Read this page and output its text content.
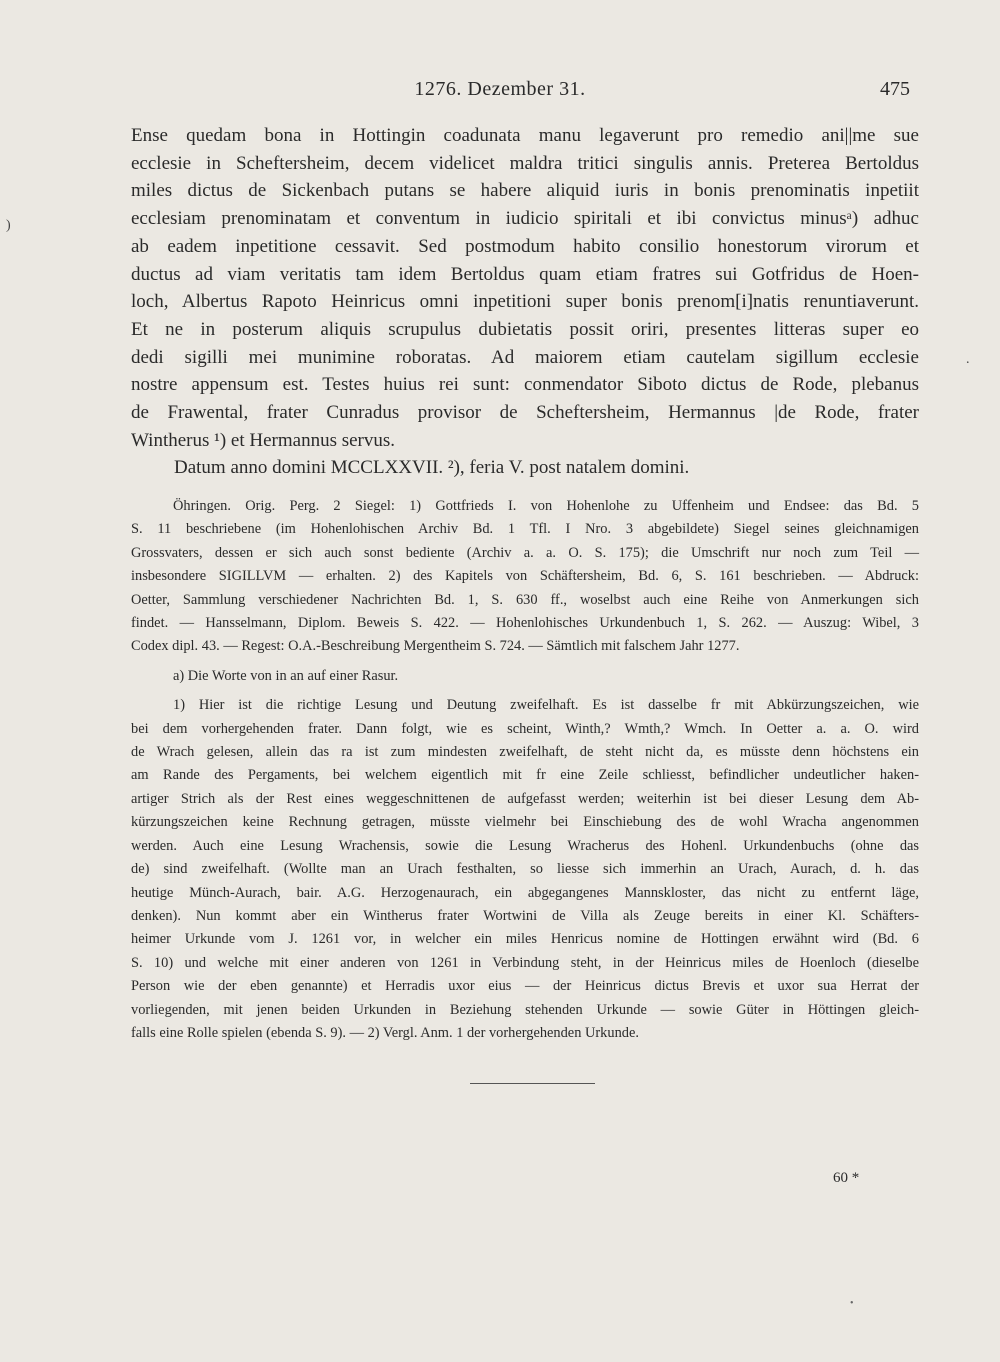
1276. Dezember 31.	475
)
.
Ense quedam bona in Hottingin coadunata manu legaverunt pro remedio ani||me sue
ecclesie in Scheftersheim, decem videlicet maldra tritici singulis annis. Preterea Bertoldus
miles dictus de Sickenbach putans se habere aliquid iuris in bonis prenominatis inpetiit
ecclesiam prenominatam et conventum in iudicio spiritali et ibi convictus minusᵃ) adhuc
ab eadem inpetitione cessavit. Sed postmodum habito consilio honestorum virorum et
ductus ad viam veritatis tam idem Bertoldus quam etiam fratres sui Gotfridus de Hoen-
loch, Albertus Rapoto Heinricus omni inpetitioni super bonis prenom[i]natis renuntiaverunt.
Et ne in posterum aliquis scrupulus dubietatis possit oriri, presentes litteras super eo
dedi sigilli mei munimine roboratas. Ad maiorem etiam cautelam sigillum ecclesie
nostre appensum est. Testes huius rei sunt: conmendator Siboto dictus de Rode, plebanus
de Frawental, frater Cunradus provisor de Scheftersheim, Hermannus |de Rode, frater
Wintherus ¹) et Hermannus servus.
Datum anno domini MCCLXXVII. ²), feria V. post natalem domini.
Öhringen. Orig. Perg. 2 Siegel: 1) Gottfrieds I. von Hohenlohe zu Uffenheim und Endsee: das Bd. 5
S. 11 beschriebene (im Hohenlohischen Archiv Bd. 1 Tfl. I Nro. 3 abgebildete) Siegel seines gleichnamigen
Grossvaters, dessen er sich auch sonst bediente (Archiv a. a. O. S. 175); die Umschrift nur noch zum Teil —
insbesondere SIGILLVM — erhalten. 2) des Kapitels von Schäftersheim, Bd. 6, S. 161 beschrieben. — Abdruck:
Oetter, Sammlung verschiedener Nachrichten Bd. 1, S. 630 ff., woselbst auch eine Reihe von Anmerkungen sich
findet. — Hansselmann, Diplom. Beweis S. 422. — Hohenlohisches Urkundenbuch 1, S. 262. — Auszug: Wibel, 3
Codex dipl. 43. — Regest: O.A.-Beschreibung Mergentheim S. 724. — Sämtlich mit falschem Jahr 1277.
a) Die Worte von in an auf einer Rasur.
1) Hier ist die richtige Lesung und Deutung zweifelhaft. Es ist dasselbe fr mit Abkürzungszeichen, wie
bei dem vorhergehenden frater. Dann folgt, wie es scheint, Winth,? Wmth,? Wmch. In Oetter a. a. O. wird
de Wrach gelesen, allein das ra ist zum mindesten zweifelhaft, de steht nicht da, es müsste denn höchstens ein
am Rande des Pergaments, bei welchem eigentlich mit fr eine Zeile schliesst, befindlicher undeutlicher haken-
artiger Strich als der Rest eines weggeschnittenen de aufgefasst werden; weiterhin ist bei dieser Lesung dem Ab-
kürzungszeichen keine Rechnung getragen, müsste vielmehr bei Einschiebung des de wohl Wracha angenommen
werden. Auch eine Lesung Wrachensis, sowie die Lesung Wracherus des Hohenl. Urkundenbuchs (ohne das
de) sind zweifelhaft. (Wollte man an Urach festhalten, so liesse sich immerhin an Urach, Aurach, d. h. das
heutige Münch-Aurach, bair. A.G. Herzogenaurach, ein abgegangenes Mannskloster, das nicht zu entfernt läge,
denken). Nun kommt aber ein Wintherus frater Wortwini de Villa als Zeuge bereits in einer Kl. Schäfters-
heimer Urkunde vom J. 1261 vor, in welcher ein miles Henricus nomine de Hottingen erwähnt wird (Bd. 6
S. 10) und welche mit einer anderen von 1261 in Verbindung steht, in der Heinricus miles de Hoenloch (dieselbe
Person wie der eben genannte) et Herradis uxor eius — der Heinricus dictus Brevis et uxor sua Herrat der
vorliegenden, mit jenen beiden Urkunden in Beziehung stehenden Urkunde — sowie Güter in Höttingen gleich-
falls eine Rolle spielen (ebenda S. 9). — 2) Vergl. Anm. 1 der vorhergehenden Urkunde.
60 *
•
